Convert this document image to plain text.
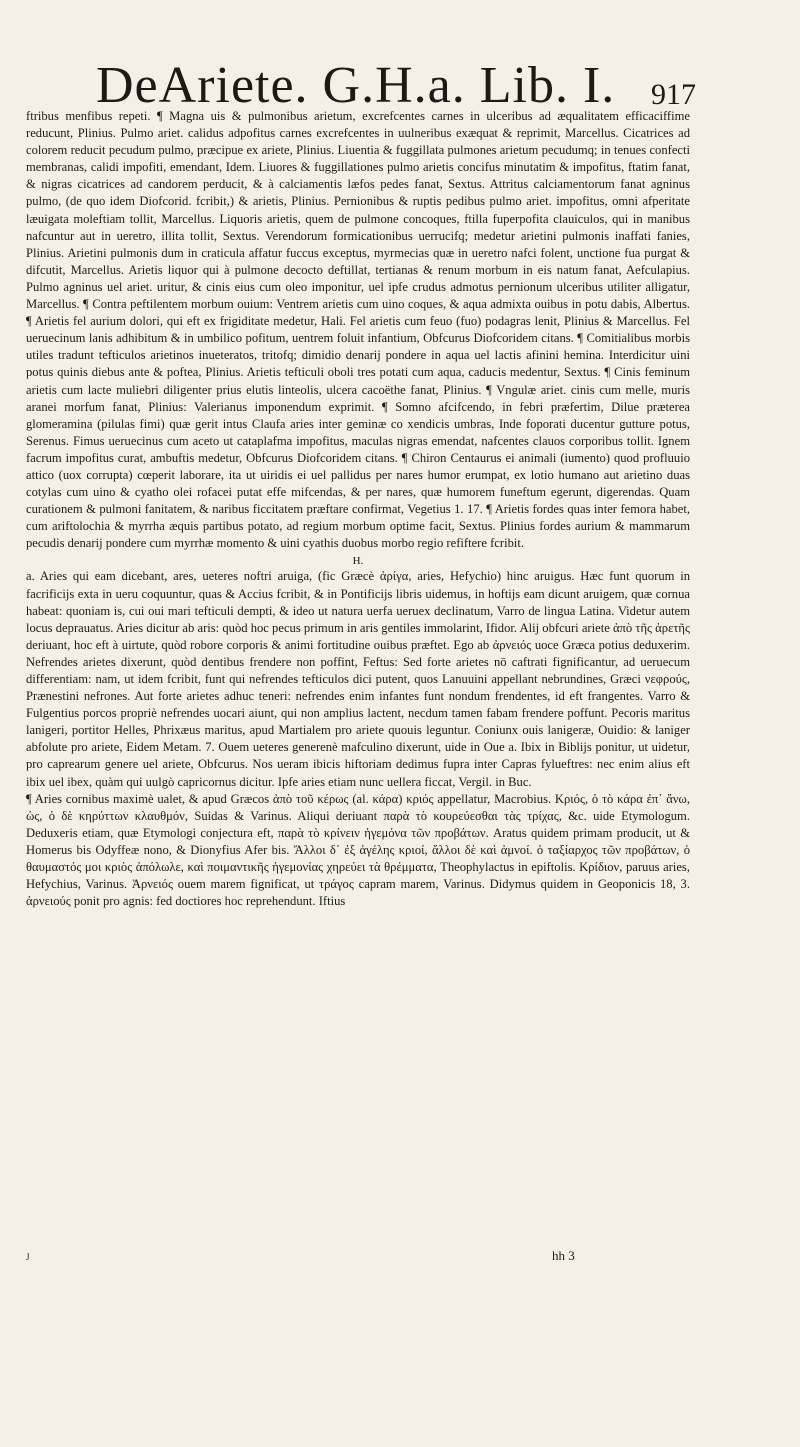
DeAriete. G.H.a. Lib. I. 917

ftribus menfibus repeti. ¶ Magna uis & pulmonibus arietum, excrefcentes carnes in ulceribus ad æqualitatem efficaciffime reducunt, Plinius. Pulmo ariet. calidus adpofitus carnes excrefcentes in uulneribus exæquat & reprimit, Marcellus. Cicatrices ad colorem reducit pecudum pulmo, præcipue ex ariete, Plinius. Liuentia & fuggillata pulmones arietum pecudumq; in tenues confecti membranas, calidi impofiti, emendant, Idem. Liuores & fuggillationes pulmo arietis concifus minutatim & impofitus, ftatim fanat, & nigras cicatrices ad candorem perducit, & à calciamentis læfos pedes fanat, Sextus. Attritus calciamentorum fanat agninus pulmo, (de quo idem Diofcorid. fcribit,) & arietis, Plinius. Pernionibus & ruptis pedibus pulmo ariet. impofitus, omni afperitate læuigata moleftiam tollit, Marcellus. Liquoris arietis, quem de pulmone concoques, ftilla fuperpofita clauiculos, qui in manibus nafcuntur aut in ueretro, illita tollit, Sextus. Verendorum formicationibus uerrucifq; medetur arietini pulmonis inaffati fanies, Plinius. Arietini pulmonis dum in craticula affatur fuccus exceptus, myrmecias quæ in ueretro nafci folent, unctione fua purgat & difcutit, Marcellus. Arietis liquor qui à pulmone decocto deftillat, tertianas & renum morbum in eis natum fanat, Aefculapius. Pulmo agninus uel ariet. uritur, & cinis eius cum oleo imponitur, uel ipfe crudus admotus pernionum ulceribus utiliter alligatur, Marcellus. ¶ Contra peftilentem morbum ouium: Ventrem arietis cum uino coques, & aqua admixta ouibus in potu dabis, Albertus. ¶ Arietis fel aurium dolori, qui eft ex frigiditate medetur, Hali. Fel arietis cum feuo (fuo) podagras lenit, Plinius & Marcellus. Fel ueruecinum lanis adhibitum & in umbilico pofitum, uentrem foluit infantium, Obfcurus Diofcoridem citans. ¶ Comitialibus morbis utiles tradunt tefticulos arietinos inueteratos, tritofq; dimidio denarij pondere in aqua uel lactis afinini hemina. Interdicitur uini potus quinis diebus ante & poftea, Plinius. Arietis tefticuli oboli tres potati cum aqua, caducis medentur, Sextus. ¶ Cinis feminum arietis cum lacte muliebri diligenter prius elutis linteolis, ulcera cacoëthe fanat, Plinius. ¶ Vngulæ ariet. cinis cum melle, muris aranei morfum fanat, Plinius: Valerianus imponendum exprimit. ¶ Somno afcifcendo, in febri præfertim, Dilue præterea glomeramina (pilulas fimi) quæ gerit intus Claufa aries inter geminæ co xendicis umbras, Inde foporati ducentur gutture potus, Serenus. Fimus ueruecinus cum aceto ut cataplafma impofitus, maculas nigras emendat, nafcentes clauos corporibus tollit. Ignem facrum impofitus curat, ambuftis medetur, Obfcurus Diofcoridem citans. ¶ Chiron Centaurus ei animali (iumento) quod profluuio attico (uox corrupta) cœperit laborare, ita ut uiridis ei uel pallidus per nares humor erumpat, ex lotio humano aut arietino duas cotylas cum uino & cyatho olei rofacei putat effe mifcendas, & per nares, quæ humorem funeftum egerunt, digerendas. Quam curationem & pulmoni fanitatem, & naribus ficcitatem præftare confirmat, Vegetius 1. 17. ¶ Arietis fordes quas inter femora habet, cum ariftolochia & myrrha æquis partibus potato, ad regium morbum optime facit, Sextus. Plinius fordes aurium & mammarum pecudis denarij pondere cum myrrhæ momento & uini cyathis duobus morbo regio refiftere fcribit.

H.

a. Aries qui eam dicebant, ares, ueteres noftri aruiga, (fic Græcè ἀρίγα, aries, Hefychio) hinc aruigus. Hæc funt quorum in facrificijs exta in ueru coquuntur, quas & Accius fcribit, & in Pontificijs libris uidemus, in hoftijs eam dicunt aruigem, quæ cornua habeat: quoniam is, cui oui mari tefticuli dempti, & ideo ut natura uerfa ueruex declinatum, Varro de lingua Latina. Videtur autem locus deprauatus. Aries dicitur ab aris: quòd hoc pecus primum in aris gentiles immolarint, Ifidor. Alij obfcuri ariete ἀπὸ τῆς ἀρετῆς deriuant, hoc eft à uirtute, quòd robore corporis & animi fortitudine ouibus præftet. Ego ab ἀρνειός uoce Græca potius deduxerim. Nefrendes arietes dixerunt, quòd dentibus frendere non poffint, Feftus: Sed forte arietes nō caftrati fignificantur, ad ueruecum differentiam: nam, ut idem fcribit, funt qui nefrendes tefticulos dici putent, quos Lanuuini appellant nebrundines, Græci νεφρούς, Prænestini nefrones. Aut forte arietes adhuc teneri: nefrendes enim infantes funt nondum frendentes, id eft frangentes. Varro & Fulgentius porcos propriè nefrendes uocari aiunt, qui non amplius lactent, necdum tamen fabam frendere poffunt. Pecoris maritus lanigeri, portitor Helles, Phrixæus maritus, apud Martialem pro ariete quouis leguntur. Coniunx ouis lanigeræ, Ouidio: & laniger abfolute pro ariete, Eidem Metam. 7. Ouem ueteres generenè mafculino dixerunt, uide in Oue a. Ibix in Biblijs ponitur, ut uidetur, pro caprearum genere uel ariete, Obfcurus. Nos ueram ibicis hiftoriam dedimus fupra inter Capras fylueftres: nec enim alius eft ibix uel ibex, quàm qui uulgò capricornus dicitur. Ipfe aries etiam nunc uellera ficcat, Vergil. in Buc.

¶ Aries cornibus maximè ualet, & apud Græcos ἀπὸ τοῦ κέρως (al. κάρα) κριός appellatur, Macrobius. Κριός, ὁ τὸ κάρα ἐπ᾽ ἄνω, ὡς, ὁ δὲ κηρύττων κλαυθμόν, Suidas & Varinus. Aliqui deriuant παρὰ τὸ κουρεύεσθαι τὰς τρίχας, &c. uide Etymologum. Deduxeris etiam, quæ Etymologi conjectura eft, παρὰ τὸ κρίνειν ἡγεμόνα τῶν προβάτων. Aratus quidem primam producit, ut & Homerus bis Odyffeæ nono, & Dionyfius Afer bis. Ἄλλοι δ᾽ ἐξ ἀγέλης κριοί, ἄλλοι δὲ καὶ ἀμνοί. ὁ ταξίαρχος τῶν προβάτων, ὁ θαυμαστός μοι κριὸς ἀπόλωλε, καὶ ποιμαντικῆς ἡγεμονίας χηρεύει τὰ θρέμματα, Theophylactus in epiftolis. Κρίδιον, paruus aries, Hefychius, Varinus. Ἀρνειός ouem marem fignificat, ut τράγος capram marem, Varinus. Didymus quidem in Geoponicis 18, 3. ἀρνειούς ponit pro agnis: fed doctiores hoc reprehendunt. Iftius

J	hh 3
